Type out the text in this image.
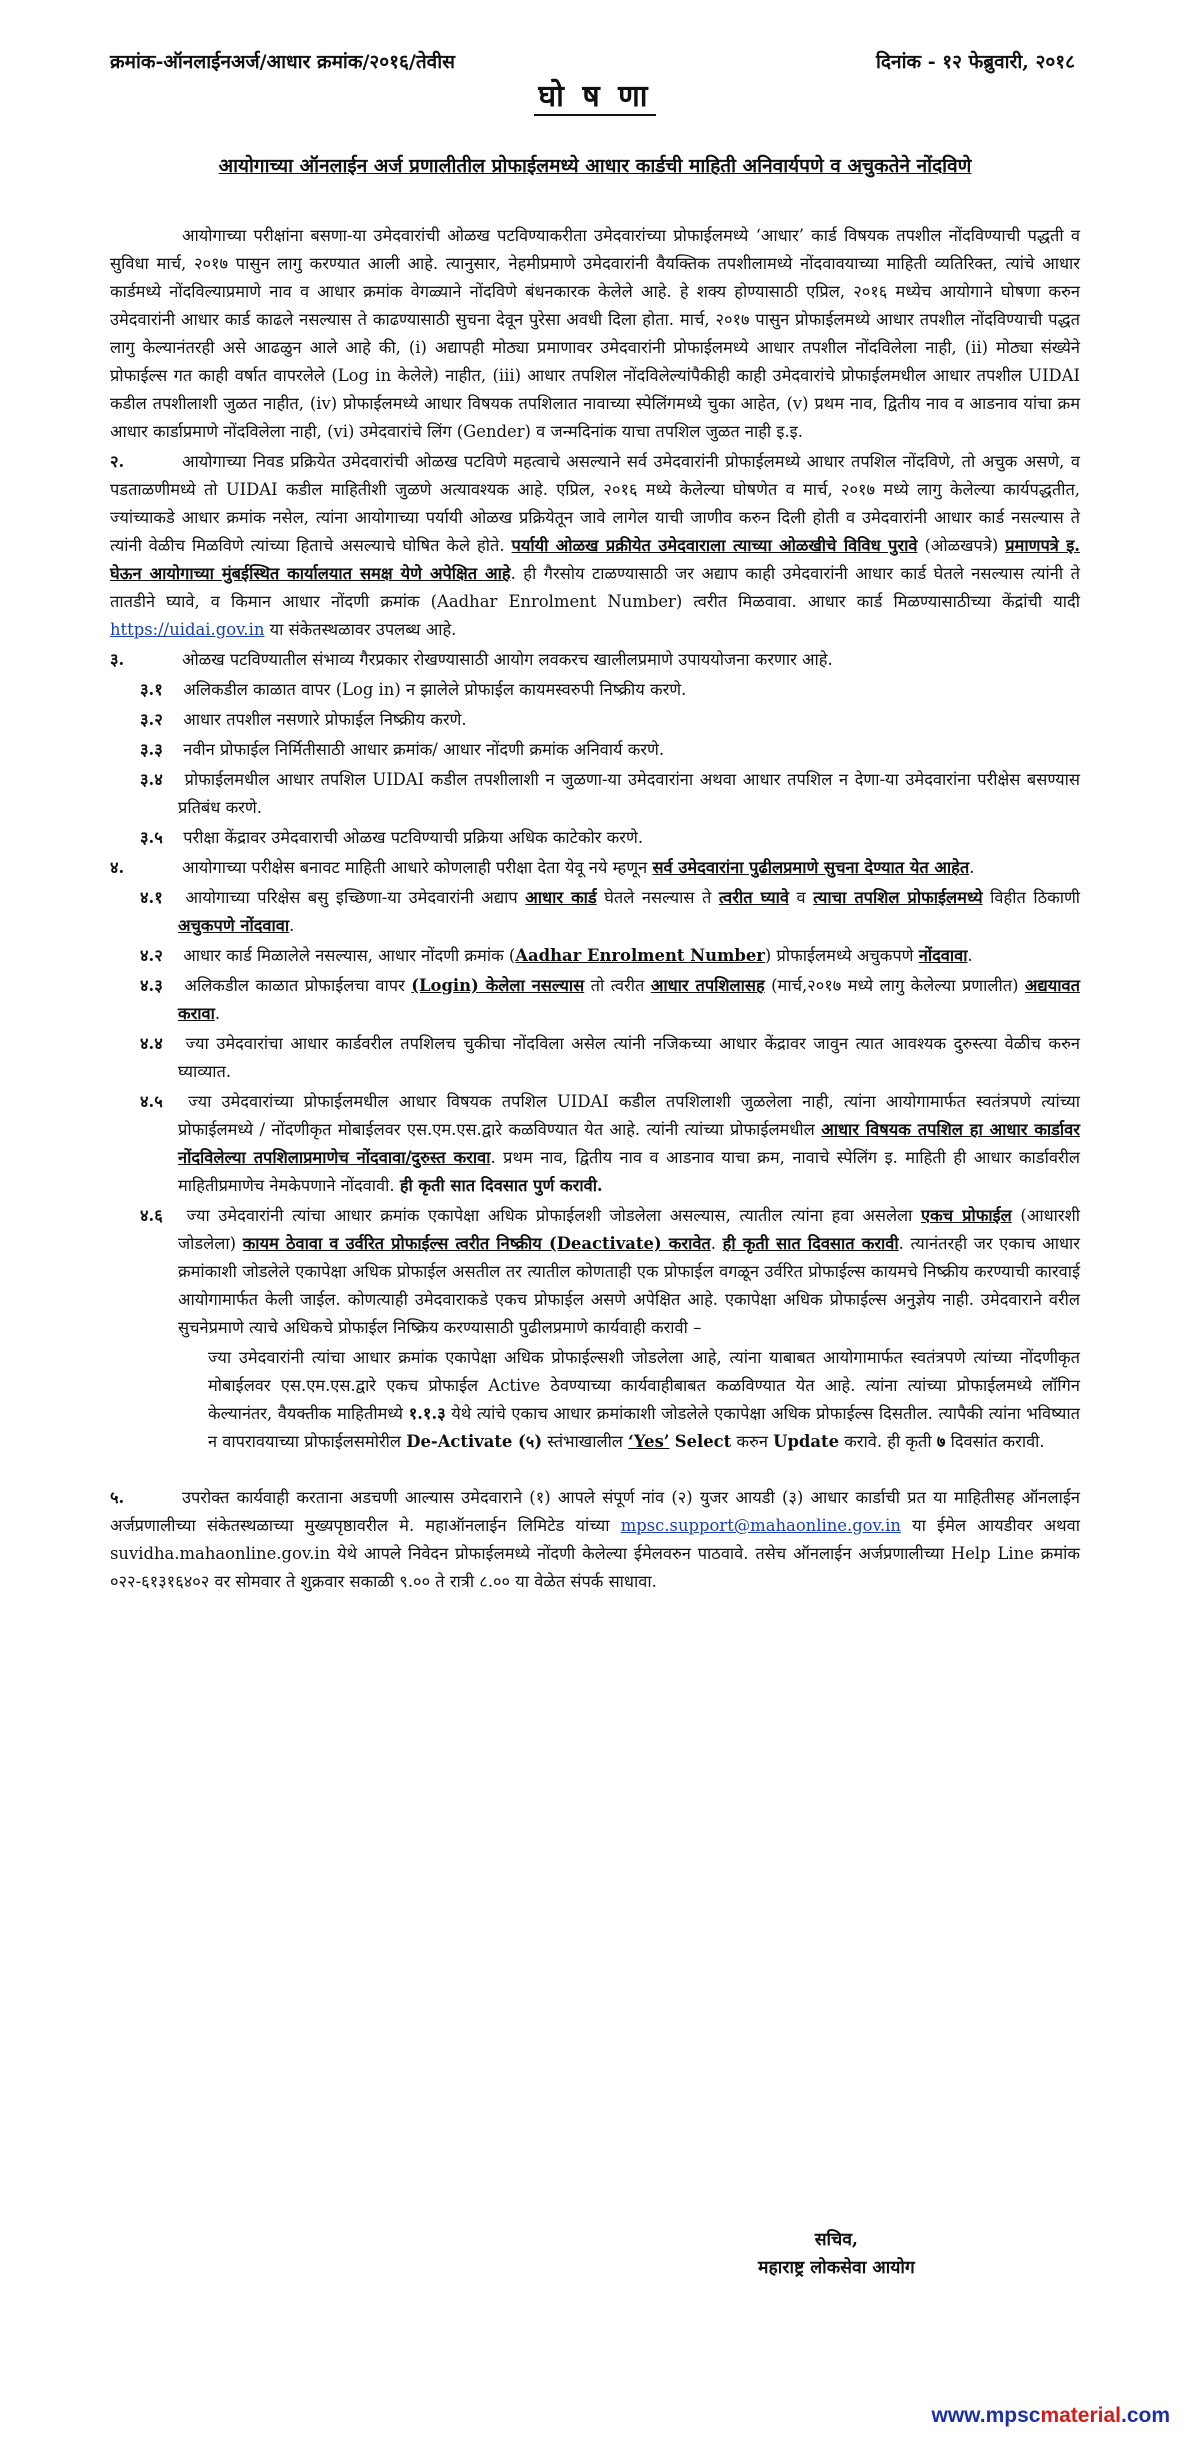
क्रमांक-ऑनलाईनअर्ज/आधार क्रमांक/२०१६/तेवीस	दिनांक - १२ फेब्रुवारी, २०१८
घो ष णा
आयोगाच्या ऑनलाईन अर्ज प्रणालीतील प्रोफाईलमध्ये आधार कार्डची माहिती अनिवार्यपणे व अचुकतेने नोंदविणे

आयोगाच्या परीक्षांना बसणा-या उमेदवारांची ओळख पटविण्याकरीता उमेदवारांच्या प्रोफाईलमध्ये ‘आधार’ कार्ड विषयक तपशील नोंदविण्याची पद्धती व सुविधा मार्च, २०१७ पासुन लागु करण्यात आली आहे. त्यानुसार, नेहमीप्रमाणे उमेदवारांनी वैयक्तिक तपशीलामध्ये नोंदवावयाच्या माहिती व्यतिरिक्त, त्यांचे आधार कार्डमध्ये नोंदविल्याप्रमाणे नाव व आधार क्रमांक वेगळ्याने नोंदविणे बंधनकारक केलेले आहे. हे शक्य होण्यासाठी एप्रिल, २०१६ मध्येच आयोगाने घोषणा करुन उमेदवारांनी आधार कार्ड काढले नसल्यास ते काढण्यासाठी सुचना देवून पुरेसा अवधी दिला होता. मार्च, २०१७ पासुन प्रोफाईलमध्ये आधार तपशील नोंदविण्याची पद्धत लागु केल्यानंतरही असे आढळुन आले आहे की, (i) अद्यापही मोठ्या प्रमाणावर उमेदवारांनी प्रोफाईलमध्ये आधार तपशील नोंदविलेला नाही, (ii) मोठ्या संख्येने प्रोफाईल्स गत काही वर्षात वापरलेले (Log in केलेले) नाहीत, (iii) आधार तपशिल नोंदविलेल्यांपैकीही काही उमेदवारांचे प्रोफाईलमधील आधार तपशील UIDAI कडील तपशीलाशी जुळत नाहीत, (iv) प्रोफाईलमध्ये आधार विषयक तपशिलात नावाच्या स्पेलिंगमध्ये चुका आहेत, (v) प्रथम नाव, द्वितीय नाव व आडनाव यांचा क्रम आधार कार्डाप्रमाणे नोंदविलेला नाही, (vi) उमेदवारांचे लिंग (Gender) व जन्मदिनांक याचा तपशिल जुळत नाही इ.इ.

२.	आयोगाच्या निवड प्रक्रियेत उमेदवारांची ओळख पटविणे महत्वाचे असल्याने सर्व उमेदवारांनी प्रोफाईलमध्ये आधार तपशिल नोंदविणे, तो अचुक असणे, व पडताळणीमध्ये तो UIDAI कडील माहितीशी जुळणे अत्यावश्यक आहे. एप्रिल, २०१६ मध्ये केलेल्या घोषणेत व मार्च, २०१७ मध्ये लागु केलेल्या कार्यपद्धतीत, ज्यांच्याकडे आधार क्रमांक नसेल, त्यांना आयोगाच्या पर्यायी ओळख प्रक्रियेतून जावे लागेल याची जाणीव करुन दिली होती व उमेदवारांनी आधार कार्ड नसल्यास ते त्यांनी वेळीच मिळविणे त्यांच्या हिताचे असल्याचे घोषित केले होते. पर्यायी ओळख प्रक्रीयेत उमेदवाराला त्याच्या ओळखीचे विविध पुरावे (ओळखपत्रे) प्रमाणपत्रे इ. घेऊन आयोगाच्या मुंबईस्थित कार्यालयात समक्ष येणे अपेक्षित आहे. ही गैरसोय टाळण्यासाठी जर अद्याप काही उमेदवारांनी आधार कार्ड घेतले नसल्यास त्यांनी ते तातडीने घ्यावे, व किमान आधार नोंदणी क्रमांक (Aadhar Enrolment Number) त्वरीत मिळवावा. आधार कार्ड मिळण्यासाठीच्या केंद्रांची यादी https://uidai.gov.in या संकेतस्थळावर उपलब्ध आहे.

३.	ओळख पटविण्यातील संभाव्य गैरप्रकार रोखण्यासाठी आयोग लवकरच खालीलप्रमाणे उपाययोजना करणार आहे.

३.१ अलिकडील काळात वापर (Log in) न झालेले प्रोफाईल कायमस्वरुपी निष्क्रीय करणे.

३.२ आधार तपशील नसणारे प्रोफाईल निष्क्रीय करणे.

३.३ नवीन प्रोफाईल निर्मितीसाठी आधार क्रमांक/ आधार नोंदणी क्रमांक अनिवार्य करणे.

३.४ प्रोफाईलमधील आधार तपशिल UIDAI कडील तपशीलाशी न जुळणा-या उमेदवारांना अथवा आधार तपशिल न देणा-या उमेदवारांना परीक्षेस बसण्यास प्रतिबंध करणे.

३.५ परीक्षा केंद्रावर उमेदवाराची ओळख पटविण्याची प्रक्रिया अधिक काटेकोर करणे.

४.	आयोगाच्या परीक्षेस बनावट माहिती आधारे कोणलाही परीक्षा देता येवू नये म्हणून सर्व उमेदवारांना पुढीलप्रमाणे सुचना देण्यात येत आहेत.

४.१ आयोगाच्या परिक्षेस बसु इच्छिणा-या उमेदवारांनी अद्याप आधार कार्ड घेतले नसल्यास ते त्वरीत घ्यावे व त्याचा तपशिल प्रोफाईलमध्ये विहीत ठिकाणी अचुकपणे नोंदवावा.

४.२ आधार कार्ड मिळालेले नसल्यास, आधार नोंदणी क्रमांक (Aadhar Enrolment Number) प्रोफाईलमध्ये अचुकपणे नोंदवावा.

४.३ अलिकडील काळात प्रोफाईलचा वापर (Login) केलेला नसल्यास तो त्वरीत आधार तपशिलासह (मार्च,२०१७ मध्ये लागु केलेल्या प्रणालीत) अद्ययावत करावा.

४.४ ज्या उमेदवारांचा आधार कार्डवरील तपशिलच चुकीचा नोंदविला असेल त्यांनी नजिकच्या आधार केंद्रावर जावुन त्यात आवश्यक दुरुस्त्या वेळीच करुन घ्याव्यात.

४.५ ज्या उमेदवारांच्या प्रोफाईलमधील आधार विषयक तपशिल UIDAI कडील तपशिलाशी जुळलेला नाही, त्यांना आयोगामार्फत स्वतंत्रपणे त्यांच्या प्रोफाईलमध्ये / नोंदणीकृत मोबाईलवर एस.एम.एस.द्वारे कळविण्यात येत आहे. त्यांनी त्यांच्या प्रोफाईलमधील आधार विषयक तपशिल हा आधार कार्डावर नोंदविलेल्या तपशिलाप्रमाणेच नोंदवावा/दुरुस्त करावा. प्रथम नाव, द्वितीय नाव व आडनाव याचा क्रम, नावाचे स्पेलिंग इ. माहिती ही आधार कार्डावरील माहितीप्रमाणेच नेमकेपणाने नोंदवावी. ही कृती सात दिवसात पुर्ण करावी.

४.६ ज्या उमेदवारांनी त्यांचा आधार क्रमांक एकापेक्षा अधिक प्रोफाईलशी जोडलेला असल्यास, त्यातील त्यांना हवा असलेला एकच प्रोफाईल (आधारशी जोडलेला) कायम ठेवावा व उर्वरित प्रोफाईल्स त्वरीत निष्क्रीय (Deactivate) करावेत. ही कृती सात दिवसात करावी. त्यानंतरही जर एकाच आधार क्रमांकाशी जोडलेले एकापेक्षा अधिक प्रोफाईल असतील तर त्यातील कोणताही एक प्रोफाईल वगळून उर्वरित प्रोफाईल्स कायमचे निष्क्रीय करण्याची कारवाई आयोगामार्फत केली जाईल. कोणत्याही उमेदवाराकडे एकच प्रोफाईल असणे अपेक्षित आहे. एकापेक्षा अधिक प्रोफाईल्स अनुज्ञेय नाही. उमेदवाराने वरील सुचनेप्रमाणे त्याचे अधिकचे प्रोफाईल निष्क्रिय करण्यासाठी पुढीलप्रमाणे कार्यवाही करावी –

ज्या उमेदवारांनी त्यांचा आधार क्रमांक एकापेक्षा अधिक प्रोफाईल्सशी जोडलेला आहे, त्यांना याबाबत आयोगामार्फत स्वतंत्रपणे त्यांच्या नोंदणीकृत मोबाईलवर एस.एम.एस.द्वारे एकच प्रोफाईल Active ठेवण्याच्या कार्यवाहीबाबत कळविण्यात येत आहे. त्यांना त्यांच्या प्रोफाईलमध्ये लॉगिन केल्यानंतर, वैयक्तीक माहितीमध्ये १.१.३ येथे त्यांचे एकाच आधार क्रमांकाशी जोडलेले एकापेक्षा अधिक प्रोफाईल्स दिसतील. त्यापैकी त्यांना भविष्यात न वापरावयाच्या प्रोफाईलसमोरील De-Activate (५) स्तंभाखालील ‘Yes’ Select करुन Update करावे. ही कृती ७ दिवसांत करावी.

५.	उपरोक्त कार्यवाही करताना अडचणी आल्यास उमेदवाराने (१) आपले संपूर्ण नांव (२) युजर आयडी (३) आधार कार्डाची प्रत या माहितीसह ऑनलाईन अर्जप्रणालीच्या संकेतस्थळाच्या मुख्यपृष्ठावरील मे. महाऑनलाईन लिमिटेड यांच्या mpsc.support@mahaonline.gov.in या ईमेल आयडीवर अथवा suvidha.mahaonline.gov.in येथे आपले निवेदन प्रोफाईलमध्ये नोंदणी केलेल्या ईमेलवरुन पाठवावे. तसेच ऑनलाईन अर्जप्रणालीच्या Help Line क्रमांक ०२२-६१३१६४०२ वर सोमवार ते शुक्रवार सकाळी ९.०० ते रात्री ८.०० या वेळेत संपर्क साधावा.

सचिव,
महाराष्ट्र लोकसेवा आयोग
www.mpscmaterial.com
